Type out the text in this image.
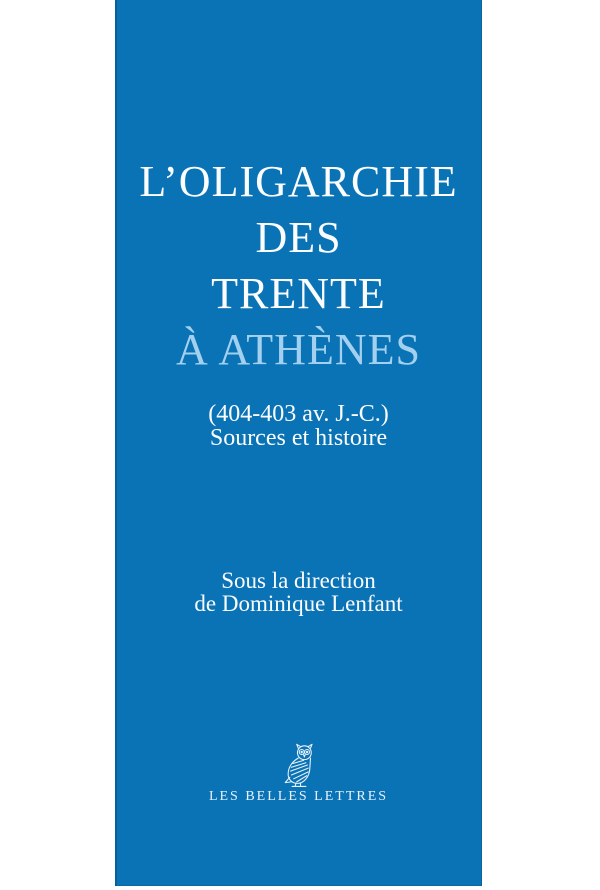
L’OLIGARCHIE
DES
TRENTE
À ATHÈNES
(404-403 av. J.-C.)
Sources et histoire
Sous la direction
de Dominique Lenfant
LES BELLES LETTRES
